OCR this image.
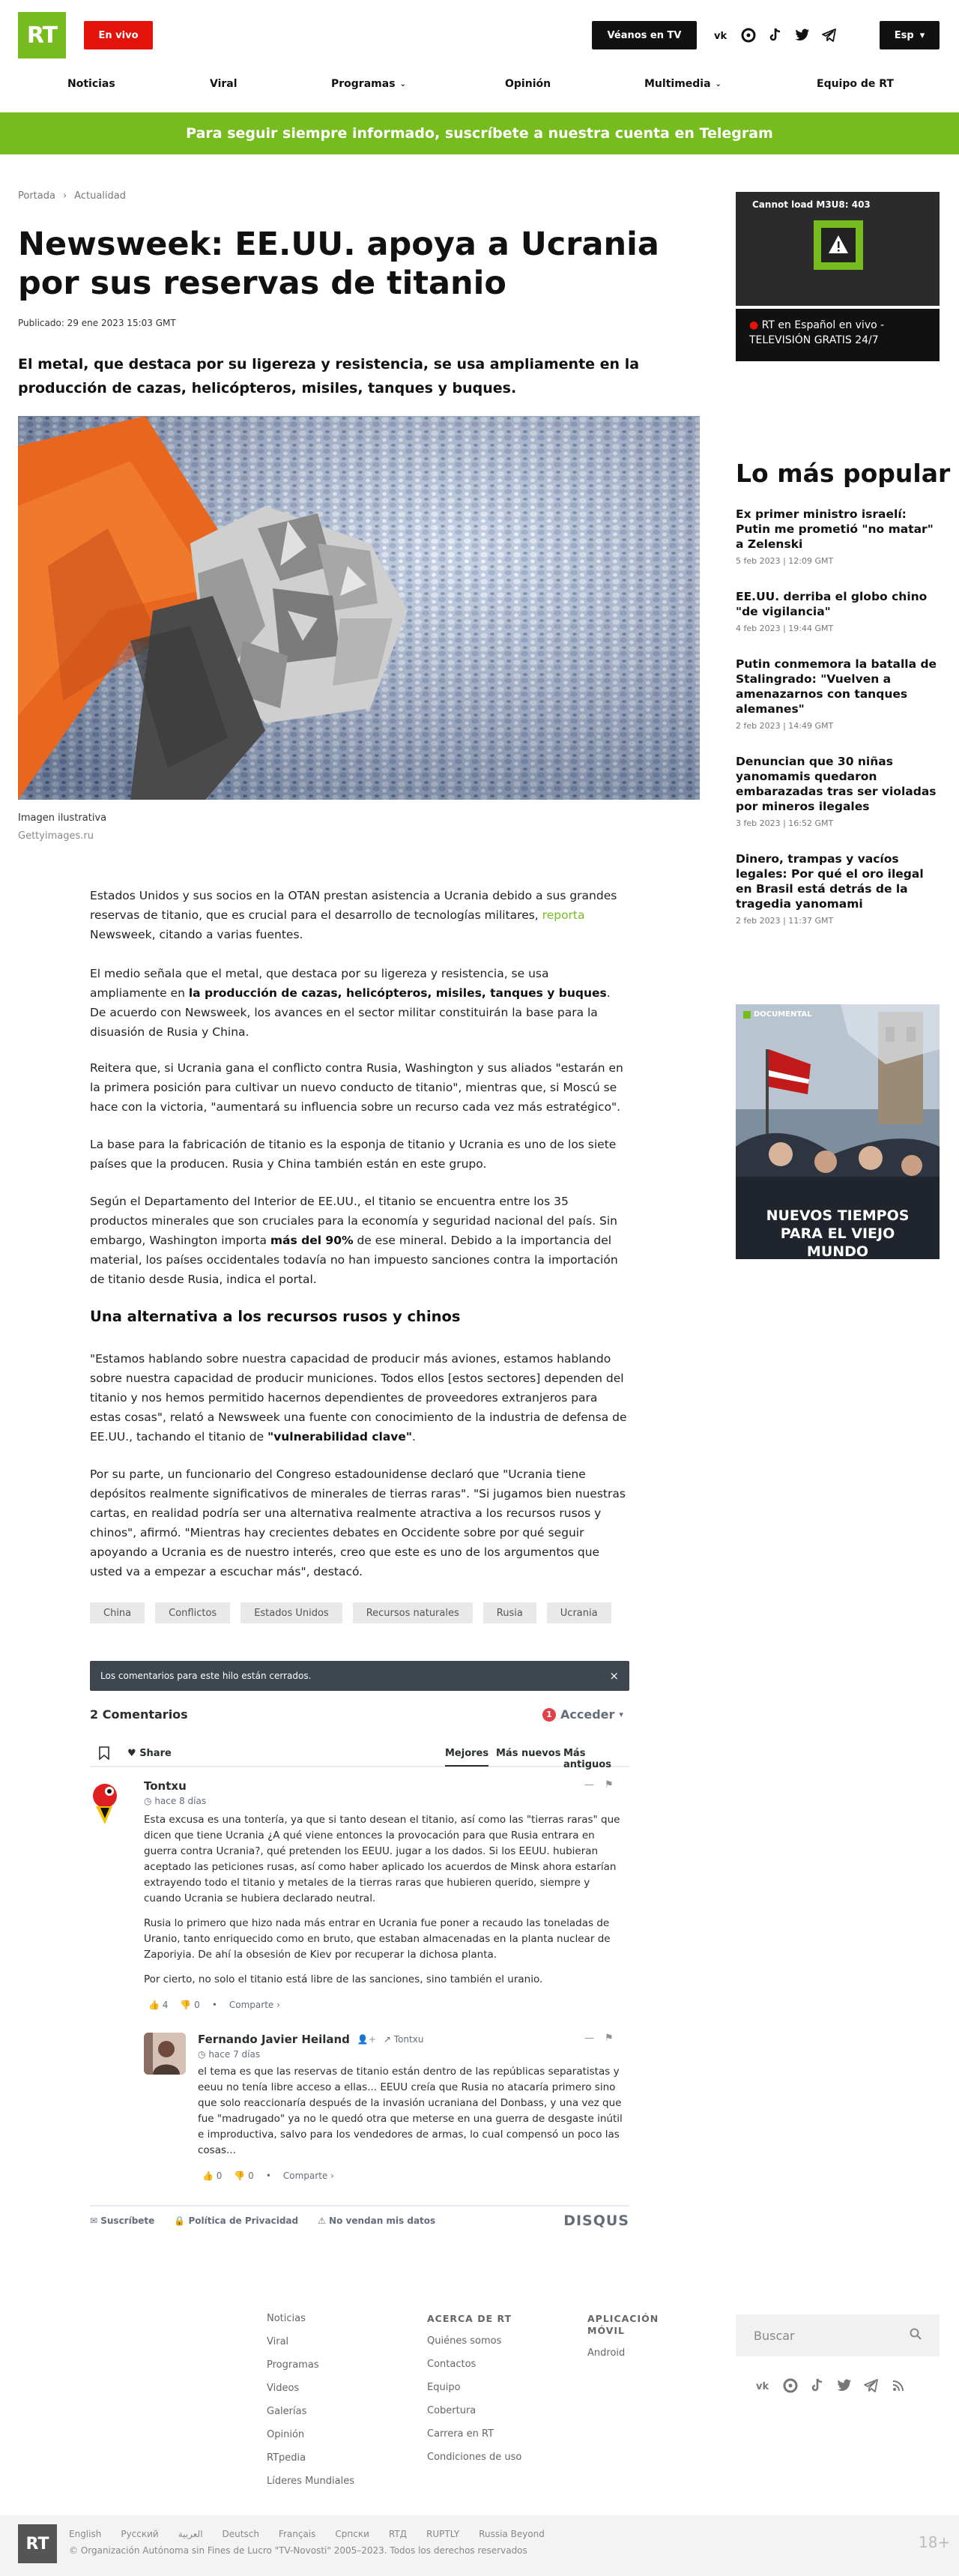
RT	En vivo	Véanos en TV	vk	Esp ▾
Noticias	Viral	Programas ⌄	Opinión	Multimedia ⌄	Equipo de RT
Para seguir siempre informado, suscríbete a nuestra cuenta en Telegram
Portada › Actualidad
Newsweek: EE.UU. apoya a Ucrania por sus reservas de titanio
Publicado: 29 ene 2023 15:03 GMT
El metal, que destaca por su ligereza y resistencia, se usa ampliamente en la producción de cazas, helicópteros, misiles, tanques y buques.
Imagen ilustrativa
Gettyimages.ru

Estados Unidos y sus socios en la OTAN prestan asistencia a Ucrania debido a sus grandes reservas de titanio, que es crucial para el desarrollo de tecnologías militares, reporta Newsweek, citando a varias fuentes.

El medio señala que el metal, que destaca por su ligereza y resistencia, se usa ampliamente en la producción de cazas, helicópteros, misiles, tanques y buques. De acuerdo con Newsweek, los avances en el sector militar constituirán la base para la disuasión de Rusia y China.

Reitera que, si Ucrania gana el conflicto contra Rusia, Washington y sus aliados "estarán en la primera posición para cultivar un nuevo conducto de titanio", mientras que, si Moscú se hace con la victoria, "aumentará su influencia sobre un recurso cada vez más estratégico".

La base para la fabricación de titanio es la esponja de titanio y Ucrania es uno de los siete países que la producen. Rusia y China también están en este grupo.

Según el Departamento del Interior de EE.UU., el titanio se encuentra entre los 35 productos minerales que son cruciales para la economía y seguridad nacional del país. Sin embargo, Washington importa más del 90% de ese mineral. Debido a la importancia del material, los países occidentales todavía no han impuesto sanciones contra la importación de titanio desde Rusia, indica el portal.

Una alternativa a los recursos rusos y chinos

"Estamos hablando sobre nuestra capacidad de producir más aviones, estamos hablando sobre nuestra capacidad de producir municiones. Todos ellos [estos sectores] dependen del titanio y nos hemos permitido hacernos dependientes de proveedores extranjeros para estas cosas", relató a Newsweek una fuente con conocimiento de la industria de defensa de EE.UU., tachando el titanio de "vulnerabilidad clave".

Por su parte, un funcionario del Congreso estadounidense declaró que "Ucrania tiene depósitos realmente significativos de minerales de tierras raras". "Si jugamos bien nuestras cartas, en realidad podría ser una alternativa realmente atractiva a los recursos rusos y chinos", afirmó. "Mientras hay crecientes debates en Occidente sobre por qué seguir apoyando a Ucrania es de nuestro interés, creo que este es uno de los argumentos que usted va a empezar a escuchar más", destacó.

China	Conflictos	Estados Unidos	Recursos naturales	Rusia	Ucrania
Los comentarios para este hilo están cerrados.	×
2 Comentarios	1 Acceder ▾
♥ Share	Mejores Más nuevos Más antiguos
Tontxu	— ⚑
◷ hace 8 días

Esta excusa es una tontería, ya que si tanto desean el titanio, así como las "tierras raras" que dicen que tiene Ucrania ¿A qué viene entonces la provocación para que Rusia entrara en guerra contra Ucrania?, qué pretenden los EEUU. jugar a los dados. Si los EEUU. hubieran aceptado las peticiones rusas, así como haber aplicado los acuerdos de Minsk ahora estarían extrayendo todo el titanio y metales de la tierras raras que hubieren querido, siempre y cuando Ucrania se hubiera declarado neutral.

Rusia lo primero que hizo nada más entrar en Ucrania fue poner a recaudo las toneladas de Uranio, tanto enriquecido como en bruto, que estaban almacenadas en la planta nuclear de Zaporiyia. De ahí la obsesión de Kiev por recuperar la dichosa planta.

Por cierto, no solo el titanio está libre de las sanciones, sino también el uranio.

👍 4 👎 0 • Comparte ›
Fernando Javier Heiland 👤+ ↗ Tontxu	— ⚑
◷ hace 7 días

el tema es que las reservas de titanio están dentro de las repúblicas separatistas y eeuu no tenía libre acceso a ellas... EEUU creía que Rusia no atacaría primero sino que solo reaccionaría después de la invasión ucraniana del Donbass, y una vez que fue "madrugado" ya no le quedó otra que meterse en una guerra de desgaste inútil e improductiva, salvo para los vendedores de armas, lo cual compensó un poco las cosas...

👍 0 👎 0 • Comparte ›
✉ Suscríbete 🔒 Política de Privacidad ⚠ No vendan mis datos	DISQUS
Cannot load M3U8: 403
● RT en Español en vivo - TELEVISIÓN GRATIS 24/7
Lo más popular
Ex primer ministro israelí: Putin me prometió "no matar" a Zelenski
5 feb 2023 | 12:09 GMT
EE.UU. derriba el globo chino "de vigilancia"
4 feb 2023 | 19:44 GMT
Putin conmemora la batalla de Stalingrado: "Vuelven a amenazarnos con tanques alemanes"
2 feb 2023 | 14:49 GMT
Denuncian que 30 niñas yanomamis quedaron embarazadas tras ser violadas por mineros ilegales
3 feb 2023 | 16:52 GMT
Dinero, trampas y vacíos legales: Por qué el oro ilegal en Brasil está detrás de la tragedia yanomami
2 feb 2023 | 11:37 GMT
DOCUMENTAL
NUEVOS TIEMPOS PARA EL VIEJO MUNDO
Noticias
Viral
Programas
Videos
Galerías
Opinión
RTpedia
Líderes Mundiales
ACERCA DE RT
Quiénes somos
Contactos
Equipo
Cobertura
Carrera en RT
Condiciones de uso
APLICACIÓN MÓVIL
Android
Buscar
vk
RT
English Русский العربية Deutsch Français Српски RTД RUPTLY Russia Beyond
© Organización Autónoma sin Fines de Lucro "TV-Novosti" 2005–2023. Todos los derechos reservados	18+
